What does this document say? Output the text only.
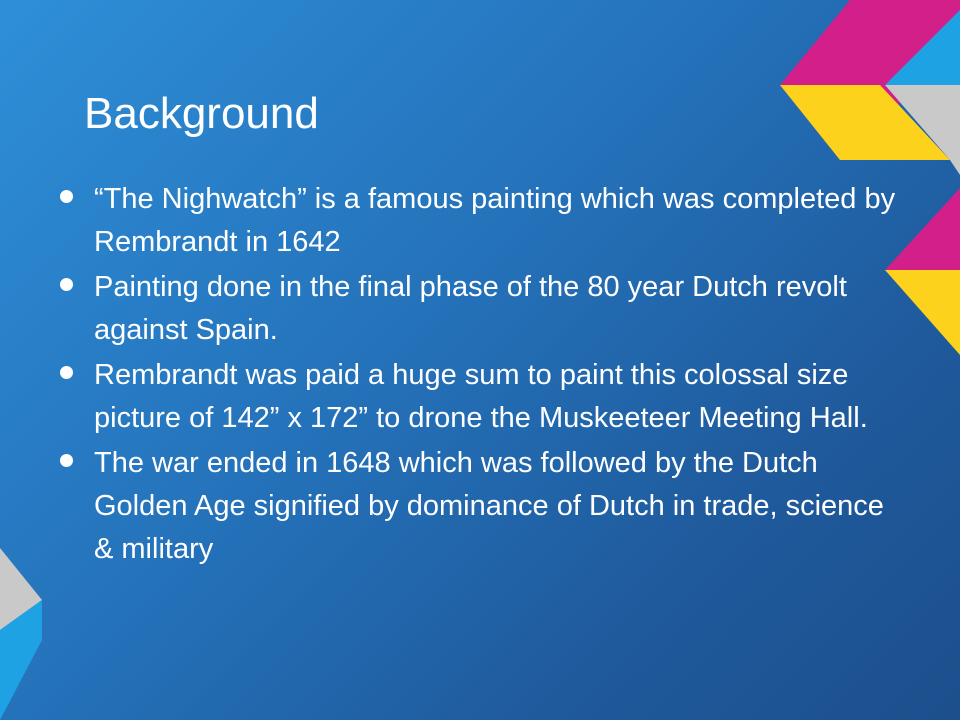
Background
“The Nighwatch” is a famous painting which was completed by Rembrandt in 1642
Painting done in the final phase of the 80 year Dutch revolt against Spain.
Rembrandt was paid a huge sum to paint this colossal size picture of 142” x 172” to drone the Muskeeteer Meeting Hall.
The war ended in 1648 which was followed by the Dutch Golden Age signified by dominance of Dutch in trade, science & military
